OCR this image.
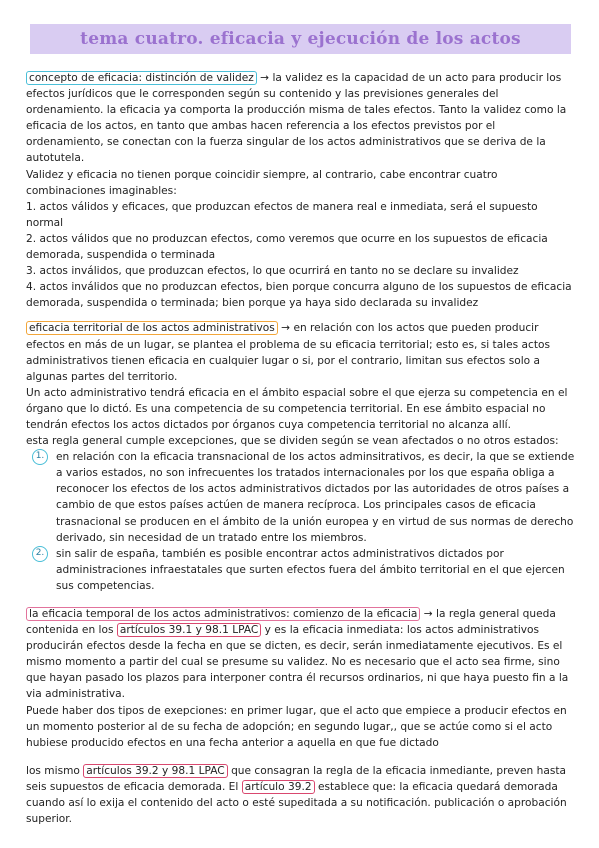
tema cuatro. eficacia y ejecución de los actos

concepto de eficacia: distinción de validez → la validez es la capacidad de un acto para producir los efectos jurídicos que le corresponden según su contenido y las previsiones generales del ordenamiento. la eficacia ya comporta la producción misma de tales efectos. Tanto la validez como la eficacia de los actos, en tanto que ambas hacen referencia a los efectos previstos por el ordenamiento, se conectan con la fuerza singular de los actos administrativos que se deriva de la autotutela.

Validez y eficacia no tienen porque coincidir siempre, al contrario, cabe encontrar cuatro combinaciones imaginables:

1. actos válidos y eficaces, que produzcan efectos de manera real e inmediata, será el supuesto normal

2. actos válidos que no produzcan efectos, como veremos que ocurre en los supuestos de eficacia demorada, suspendida o terminada

3. actos inválidos, que produzcan efectos, lo que ocurrirá en tanto no se declare su invalidez

4. actos inválidos que no produzcan efectos, bien porque concurra alguno de los supuestos de eficacia demorada, suspendida o terminada; bien porque ya haya sido declarada su invalidez

eficacia territorial de los actos administrativos → en relación con los actos que pueden producir efectos en más de un lugar, se plantea el problema de su eficacia territorial; esto es, si tales actos administrativos tienen eficacia en cualquier lugar o si, por el contrario, limitan sus efectos solo a algunas partes del territorio.

Un acto administrativo tendrá eficacia en el ámbito espacial sobre el que ejerza su competencia en el órgano que lo dictó. Es una competencia de su competencia territorial. En ese ámbito espacial no tendrán efectos los actos dictados por órganos cuya competencia territorial no alcanza allí.

esta regla general cumple excepciones, que se dividen según se vean afectados o no otros estados:

1.	en relación con la eficacia transnacional de los actos adminsitrativos, es decir, la que se extiende a varios estados, no son infrecuentes los tratados internacionales por los que españa obliga a reconocer los efectos de los actos administrativos dictados por las autoridades de otros países a cambio de que estos países actúen de manera recíproca. Los principales casos de eficacia trasnacional se producen en el ámbito de la unión europea y en virtud de sus normas de derecho derivado, sin necesidad de un tratado entre los miembros.
2.	sin salir de españa, también es posible encontrar actos administrativos dictados por administraciones infraestatales que surten efectos fuera del ámbito territorial en el que ejercen sus competencias.

la eficacia temporal de los actos administrativos: comienzo de la eficacia → la regla general queda contenida en los artículos 39.1 y 98.1 LPAC y es la eficacia inmediata: los actos administrativos producirán efectos desde la fecha en que se dicten, es decir, serán inmediatamente ejecutivos. Es el mismo momento a partir del cual se presume su validez. No es necesario que el acto sea firme, sino que hayan pasado los plazos para interponer contra él recursos ordinarios, ni que haya puesto fin a la via administrativa.

Puede haber dos tipos de exepciones: en primer lugar, que el acto que empiece a producir efectos en un momento posterior al de su fecha de adopción; en segundo lugar,, que se actúe como si el acto hubiese producido efectos en una fecha anterior a aquella en que fue dictado

los mismo artículos 39.2 y 98.1 LPAC que consagran la regla de la eficacia inmediante, preven hasta seis supuestos de eficacia demorada. El artículo 39.2 establece que: la eficacia quedará demorada cuando así lo exija el contenido del acto o esté supeditada a su notificación. publicación o aprobación superior.
